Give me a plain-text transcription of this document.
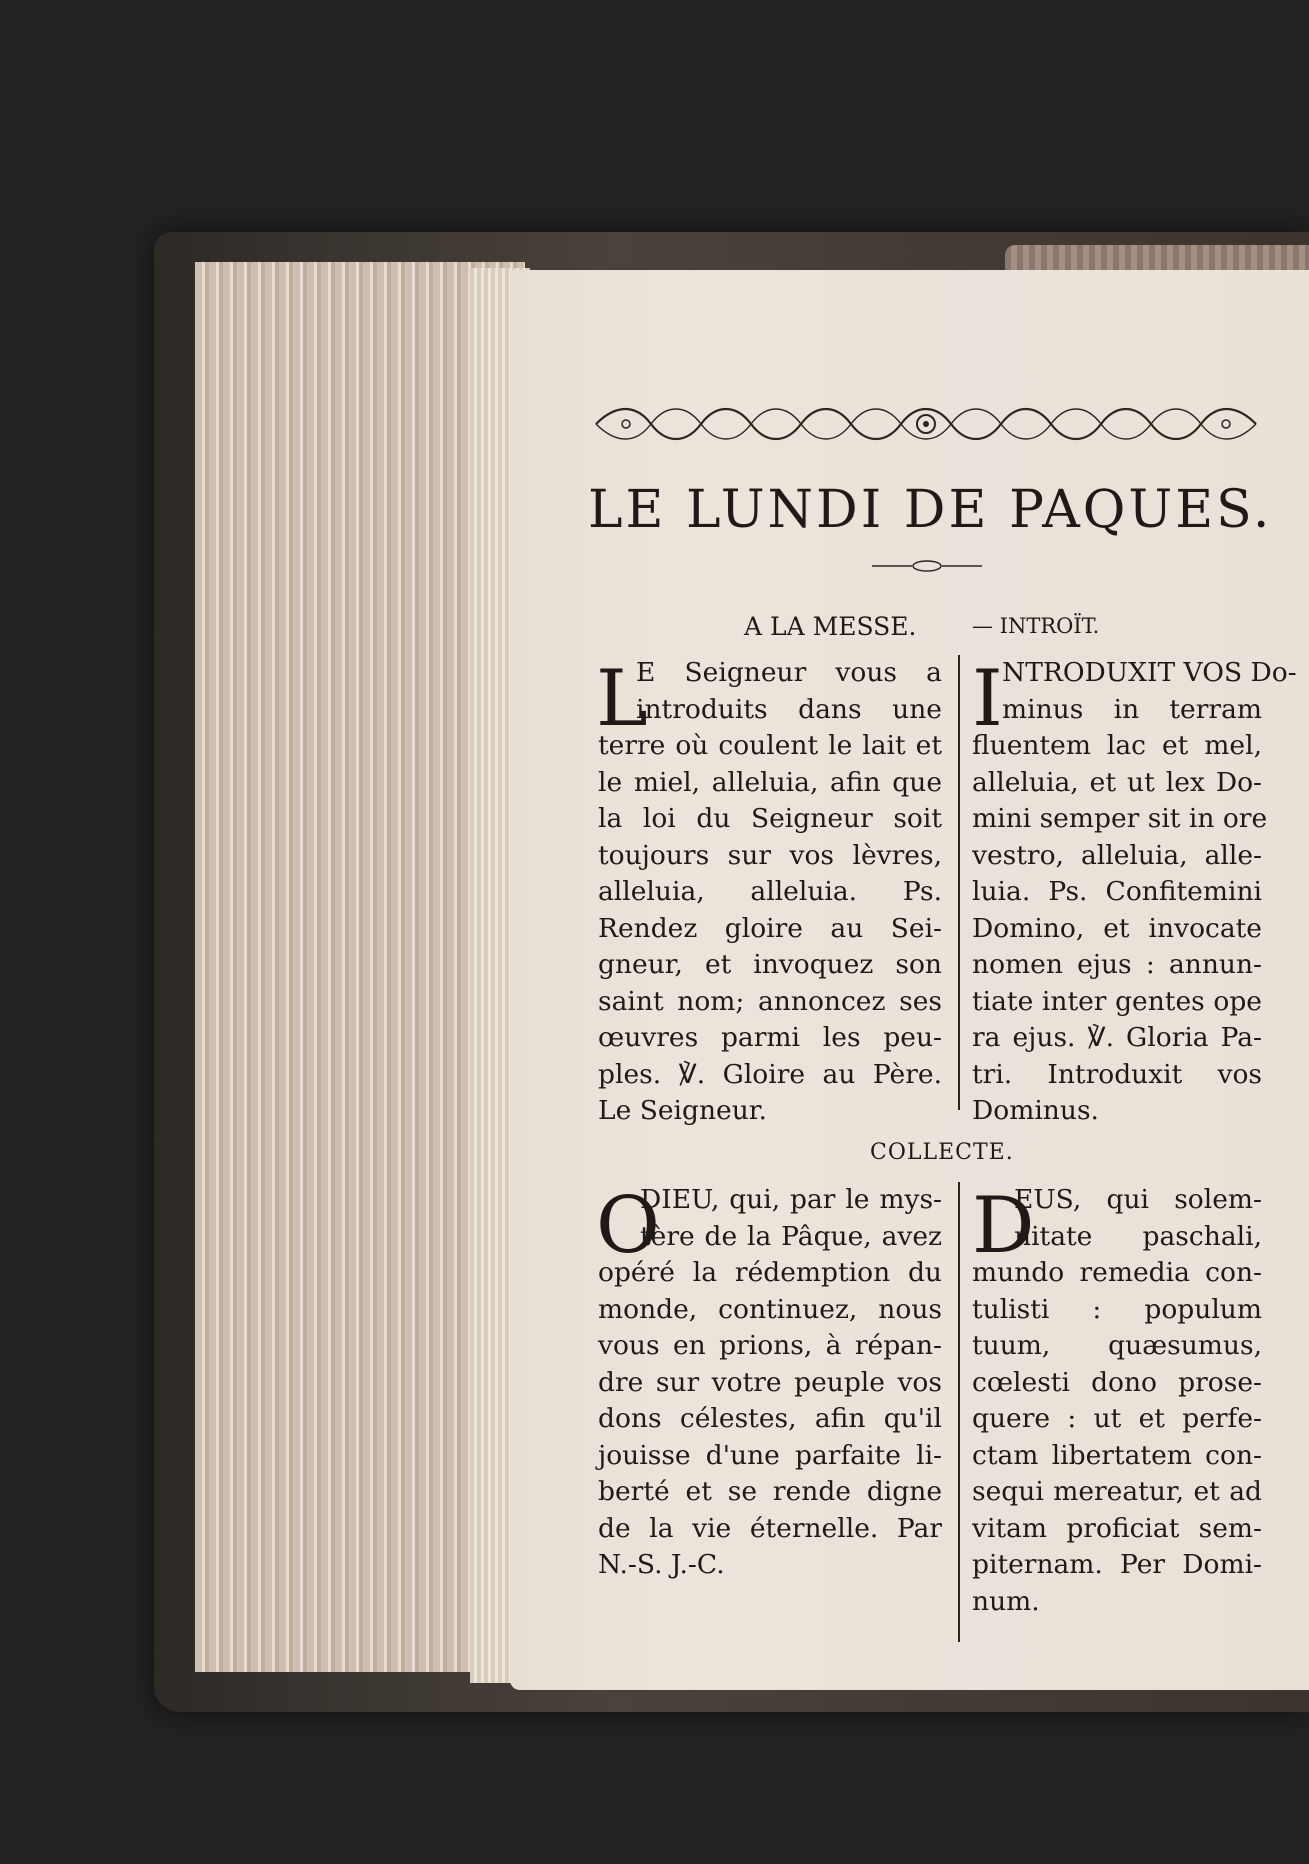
LE LUNDI DE PAQUES.
A LA MESSE.	— INTROÏT.
L
E Seigneur vous a
introduits dans une
terre où coulent le lait et
le miel, alleluia, afin que
la loi du Seigneur soit
toujours sur vos lèvres,
alleluia, alleluia. Ps.
Rendez gloire au Sei-
gneur, et invoquez son
saint nom; annoncez ses
œuvres parmi les peu-
ples. ℣. Gloire au Père.
Le Seigneur.
I NTRODUXIT VOS Do-
minus in terram
fluentem lac et mel,
alleluia, et ut lex Do-
mini semper sit in ore
vestro, alleluia, alle-
luia. Ps. Confitemini
Domino, et invocate
nomen ejus : annun-
tiate inter gentes ope
ra ejus. ℣. Gloria Pa-
tri. Introduxit vos
Dominus.
COLLECTE.
O
DIEU, qui, par le mys-
tère de la Pâque, avez
opéré la rédemption du
monde, continuez, nous
vous en prions, à répan-
dre sur votre peuple vos
dons célestes, afin qu'il
jouisse d'une parfaite li-
berté et se rende digne
de la vie éternelle. Par
N.-S. J.-C.
D
EUS, qui solem-
nitate paschali,
mundo remedia con-
tulisti : populum
tuum, quæsumus,
cœlesti dono prose-
quere : ut et perfe-
ctam libertatem con-
sequi mereatur, et ad
vitam proficiat sem-
piternam. Per Domi-
num.
